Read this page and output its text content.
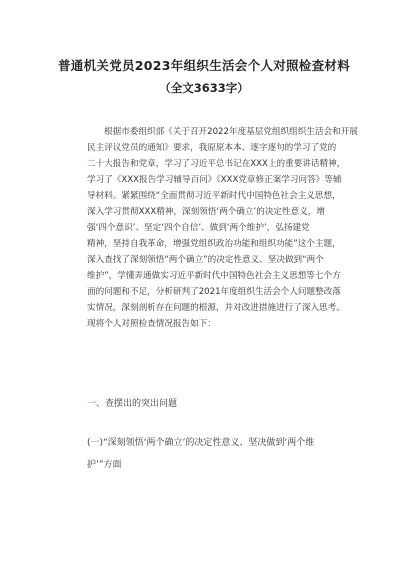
普通机关党员2023年组织生活会个人对照检查材料
（全文3633字）
根据市委组织部《关于召开2022年度基层党组织组织生活会和开展
民主评议党员的通知》要求，我原原本本、逐字逐句的学习了党的
二十大报告和党章，学习了习近平总书记在XXX上的重要讲话精神，
学习了《XXX报告学习辅导百问》《XXX党章修正案学习问答》等辅
导材料。紧紧围绕“全面贯彻习近平新时代中国特色社会主义思想，
深入学习贯彻XXX精神，深刻领悟‘两个确立’的决定性意义，增
强‘四个意识’、坚定‘四个自信’、做到‘两个维护’，弘扬建党
精神，坚持自我革命，增强党组织政治功能和组织功能”这个主题，
深入查找了深刻领悟“两个确立”的决定性意义、坚决做到“两个
维护”，学懂弄通做实习近平新时代中国特色社会主义思想等七个方
面的问题和不足，分析研判了2021年度组织生活会个人问题整改落
实情况，深刻剖析存在问题的根源，并对改进措施进行了深入思考。
现将个人对照检查情况报告如下：
一、查摆出的突出问题
(一)“深刻领悟‘两个确立’的决定性意义、坚决做到‘两个维
护’”方面
